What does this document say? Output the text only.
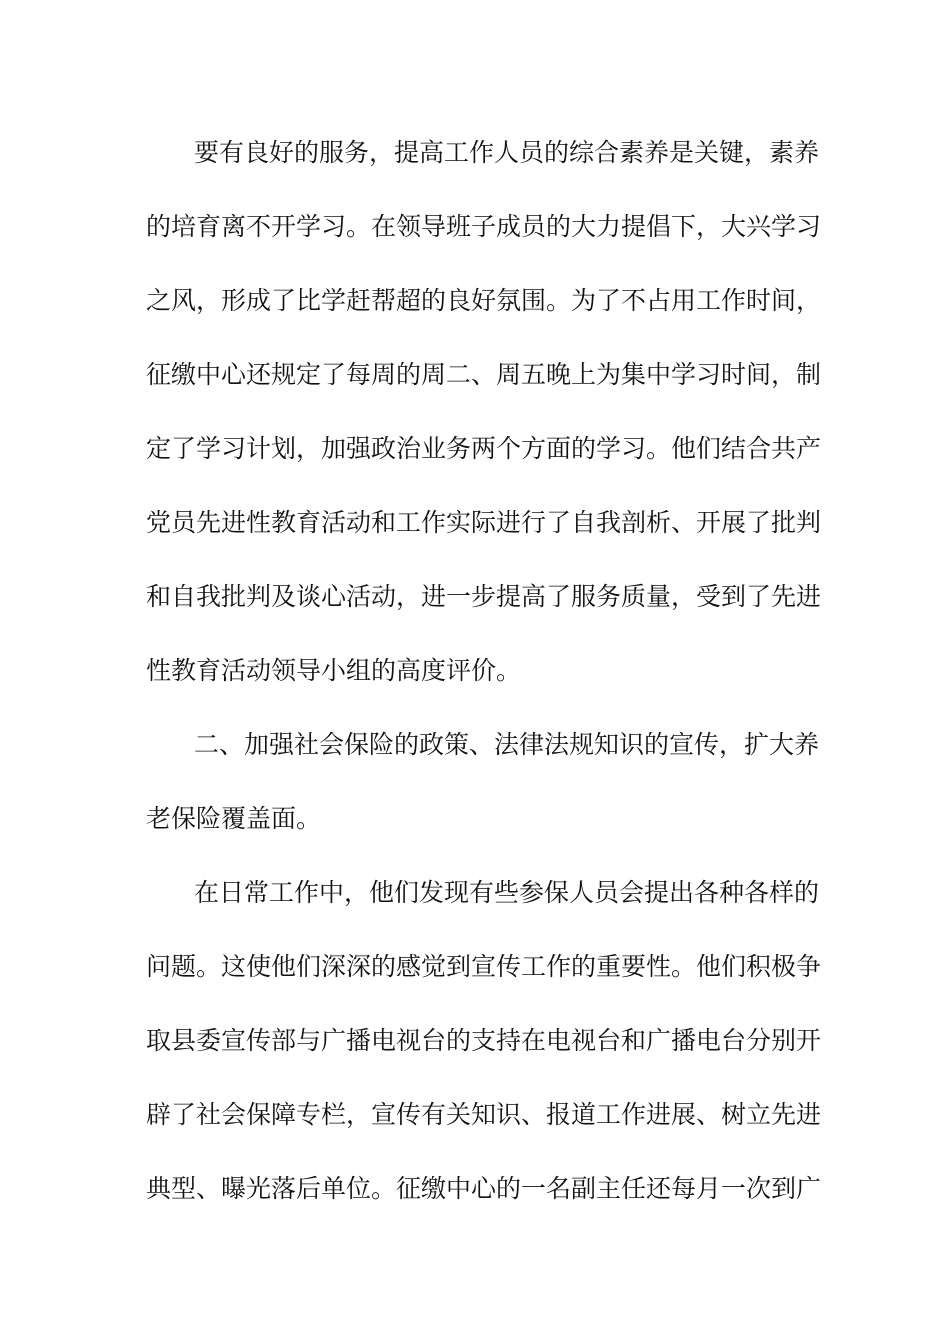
要有良好的服务，提高工作人员的综合素养是关键，素养
的培育离不开学习。在领导班子成员的大力提倡下，大兴学习
之风，形成了比学赶帮超的良好氛围。为了不占用工作时间，
征缴中心还规定了每周的周二、周五晚上为集中学习时间，制
定了学习计划，加强政治业务两个方面的学习。他们结合共产
党员先进性教育活动和工作实际进行了自我剖析、开展了批判
和自我批判及谈心活动，进一步提高了服务质量，受到了先进
性教育活动领导小组的高度评价。
二、加强社会保险的政策、法律法规知识的宣传，扩大养
老保险覆盖面。
在日常工作中，他们发现有些参保人员会提出各种各样的
问题。这使他们深深的感觉到宣传工作的重要性。他们积极争
取县委宣传部与广播电视台的支持在电视台和广播电台分别开
辟了社会保障专栏，宣传有关知识、报道工作进展、树立先进
典型、曝光落后单位。征缴中心的一名副主任还每月一次到广
